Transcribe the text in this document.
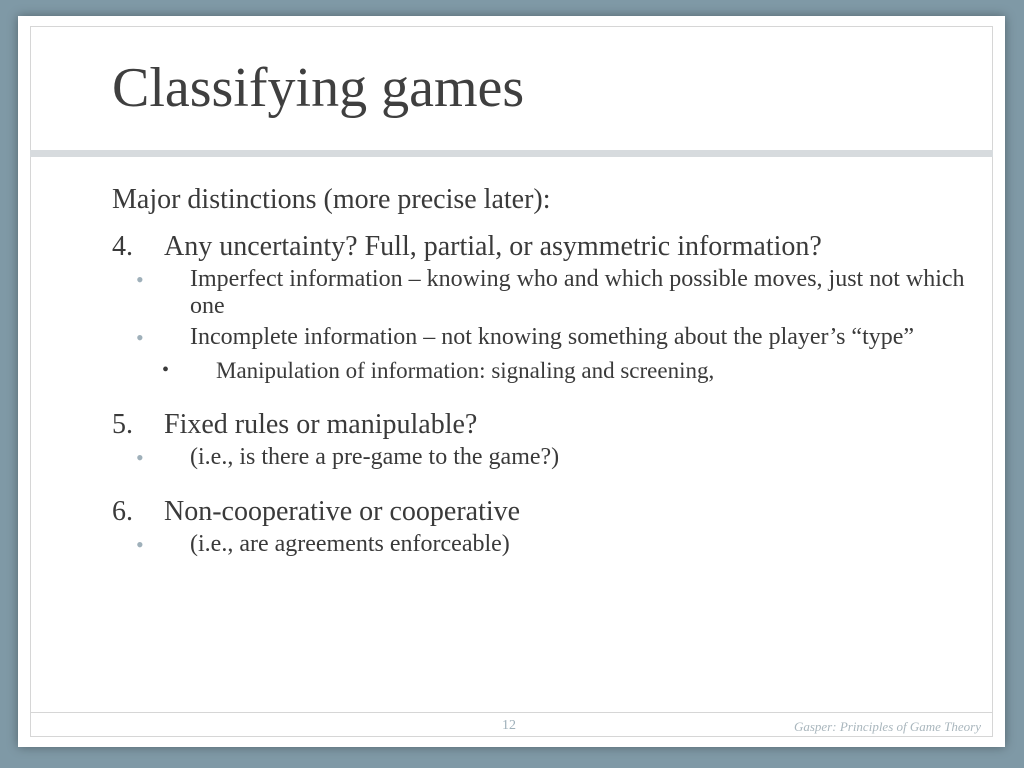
Classifying games
Major distinctions (more precise later):
4. Any uncertainty? Full, partial, or asymmetric information?
• Imperfect information – knowing who and which possible moves, just not which one
• Incomplete information – not knowing something about the player’s “type”
• Manipulation of information: signaling and screening,
5. Fixed rules or manipulable?
• (i.e., is there a pre-game to the game?)
6. Non-cooperative or cooperative
• (i.e., are agreements enforceable)
12	Gasper: Principles of Game Theory
